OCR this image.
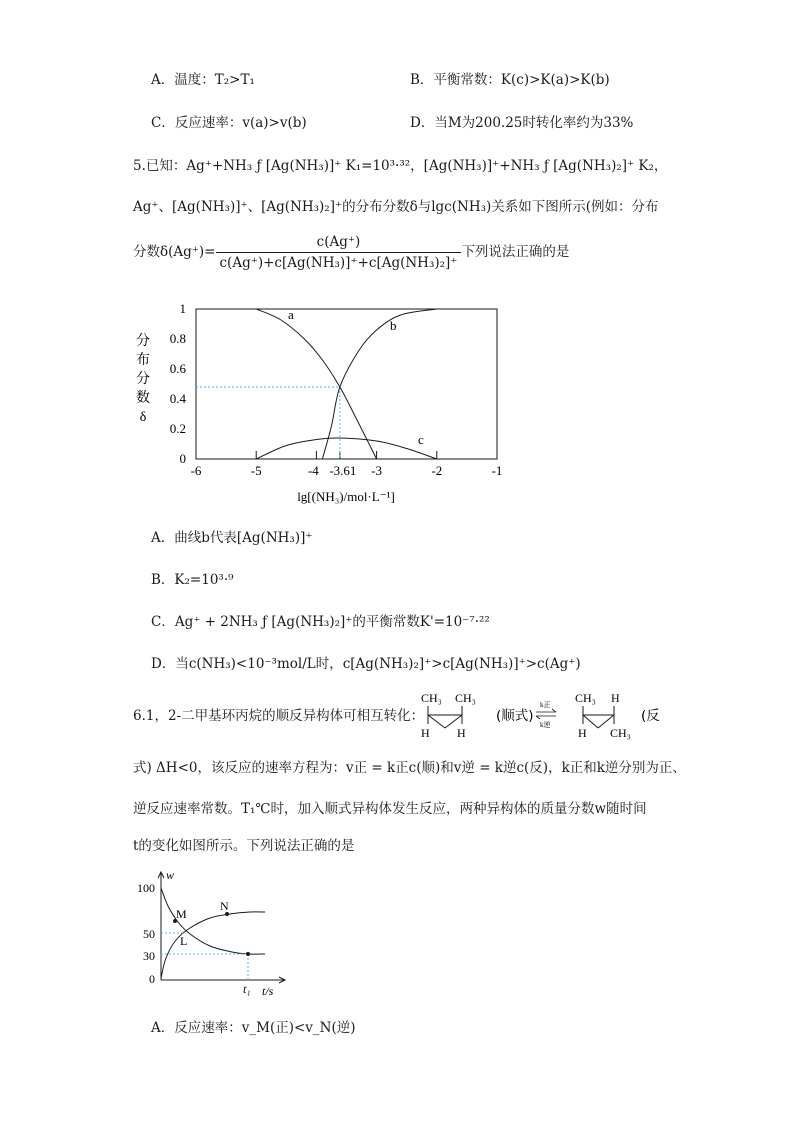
A．温度：T₂>T₁	B．平衡常数：K(c)>K(a)>K(b)
C．反应速率：v(a)>v(b)	D．当M为200.25时转化率约为33%
5.已知：Ag⁺+NH₃ ƒ [Ag(NH₃)]⁺ K₁=10³·³²，[Ag(NH₃)]⁺+NH₃ ƒ [Ag(NH₃)₂]⁺ K₂，
Ag⁺、[Ag(NH₃)]⁺、[Ag(NH₃)₂]⁺的分布分数δ与lgc(NH₃)关系如下图所示(例如：分布
分数$\delta(Ag^+)= \frac{c(Ag^+)}{\text{c(Ag⁺)+c[Ag(NH₃)]⁺+c[Ag(NH₃)₂]⁺}}$ 下列说法正确的是
0
0.2
0.4
0.6
0.8
1
-6	-5	-4 -3.61 -3	-2	-1
a
b
c
分
布
分
数
δ
lg[(NH₃)/mol·L⁻¹]
A．曲线b代表[Ag(NH₃)]⁺
B．K₂=10³·⁹
C．Ag⁺ + 2NH₃ ƒ [Ag(NH₃)₂]⁺的平衡常数K'=10⁻⁷·²²
D．当c(NH₃)<10⁻³mol/L时，c[Ag(NH₃)₂]⁺>c[Ag(NH₃)]⁺>c(Ag⁺)
6.1，2-二甲基环丙烷的顺反异构体可相互转化：
CH₃ CH₃
H H
(顺式)
k正
k逆
CH₃ H
H CH₃
(反
式) ΔH<0，该反应的速率方程为：v正 = k正c(顺)和v逆 = k逆c(反)，k正和k逆分别为正、
逆反应速率常数。T₁℃时，加入顺式异构体发生反应，两种异构体的质量分数w随时间
t的变化如图所示。下列说法正确的是
0
30
50
100
w
t/s
t₁
M
N
L
A．反应速率：v_M(正)<v_N(逆)
